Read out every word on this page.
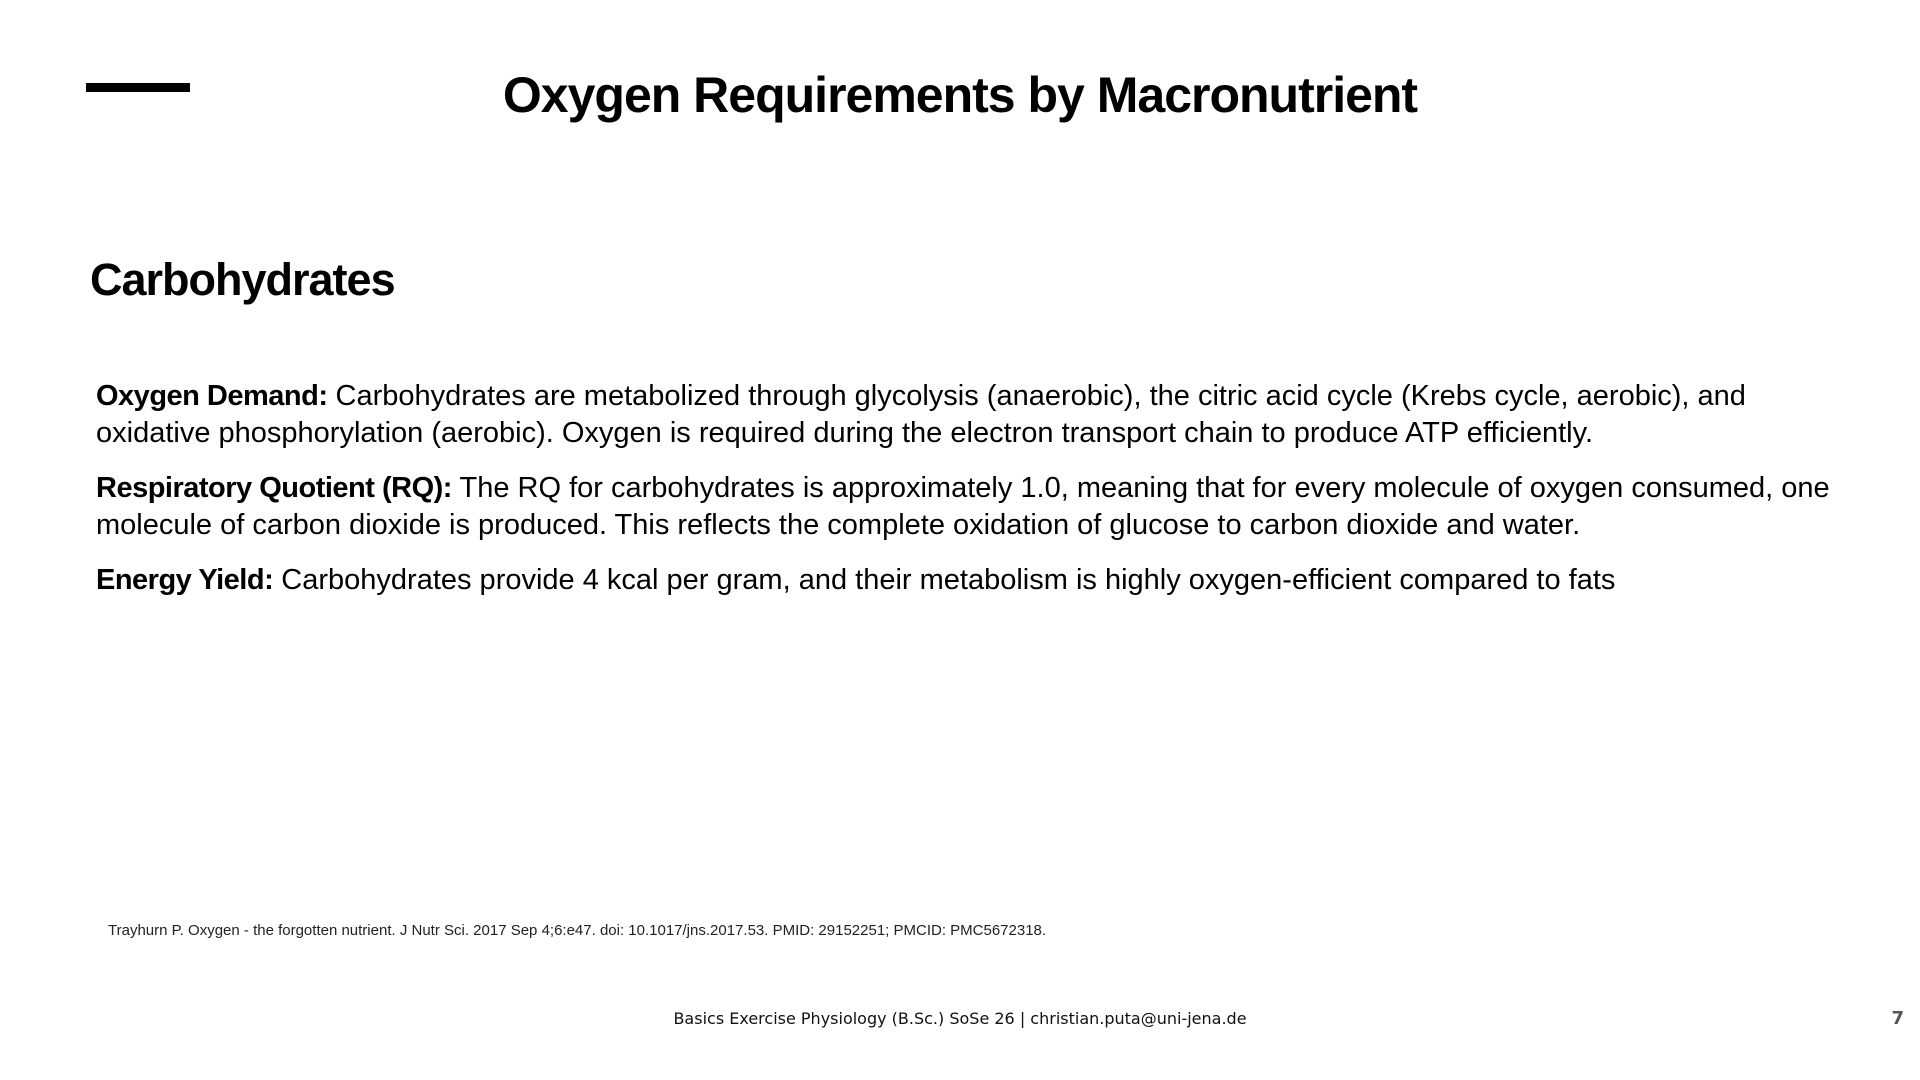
Oxygen Requirements by Macronutrient
Carbohydrates

Oxygen Demand: Carbohydrates are metabolized through glycolysis (anaerobic), the citric acid cycle (Krebs cycle, aerobic), and oxidative phosphorylation (aerobic). Oxygen is required during the electron transport chain to produce ATP efficiently.

Respiratory Quotient (RQ): The RQ for carbohydrates is approximately 1.0, meaning that for every molecule of oxygen consumed, one molecule of carbon dioxide is produced. This reflects the complete oxidation of glucose to carbon dioxide and water.

Energy Yield: Carbohydrates provide 4 kcal per gram, and their metabolism is highly oxygen-efficient compared to fats

Trayhurn P. Oxygen - the forgotten nutrient. J Nutr Sci. 2017 Sep 4;6:e47. doi: 10.1017/jns.2017.53. PMID: 29152251; PMCID: PMC5672318.
Basics Exercise Physiology (B.Sc.) SoSe 26 | christian.puta@uni-jena.de	7
